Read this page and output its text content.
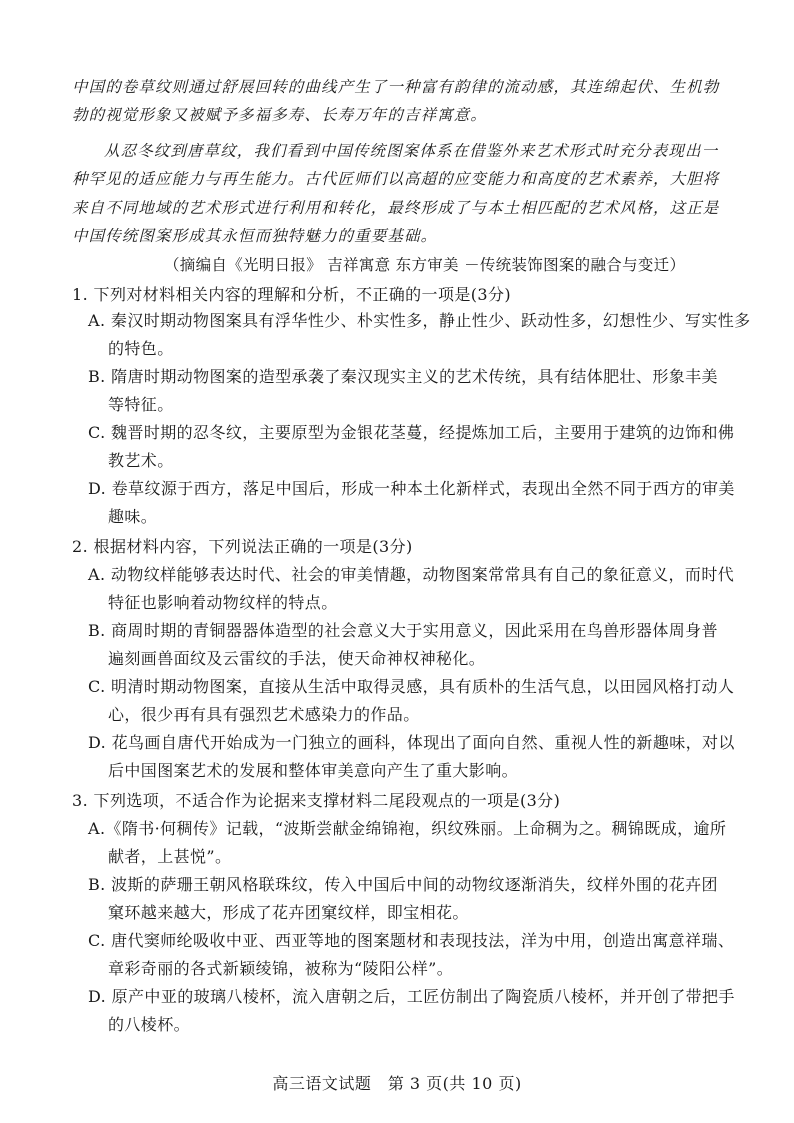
中国的卷草纹则通过舒展回转的曲线产生了一种富有韵律的流动感，其连绵起伏、生机勃
勃的视觉形象又被赋予多福多寿、长寿万年的吉祥寓意。
从忍冬纹到唐草纹，我们看到中国传统图案体系在借鉴外来艺术形式时充分表现出一
种罕见的适应能力与再生能力。古代匠师们以高超的应变能力和高度的艺术素养，大胆将
来自不同地域的艺术形式进行利用和转化，最终形成了与本土相匹配的艺术风格，这正是
中国传统图案形成其永恒而独特魅力的重要基础。
（摘编自《光明日报》 吉祥寓意 东方审美 －传统装饰图案的融合与变迁）
1. 下列对材料相关内容的理解和分析，不正确的一项是(3分)
A. 秦汉时期动物图案具有浮华性少、朴实性多，静止性少、跃动性多，幻想性少、写实性多
的特色。
B. 隋唐时期动物图案的造型承袭了秦汉现实主义的艺术传统，具有结体肥壮、形象丰美
等特征。
C. 魏晋时期的忍冬纹，主要原型为金银花茎蔓，经提炼加工后，主要用于建筑的边饰和佛
教艺术。
D. 卷草纹源于西方，落足中国后，形成一种本土化新样式，表现出全然不同于西方的审美
趣味。
2. 根据材料内容，下列说法正确的一项是(3分)
A. 动物纹样能够表达时代、社会的审美情趣，动物图案常常具有自己的象征意义，而时代
特征也影响着动物纹样的特点。
B. 商周时期的青铜器器体造型的社会意义大于实用意义，因此采用在鸟兽形器体周身普
遍刻画兽面纹及云雷纹的手法，使天命神权神秘化。
C. 明清时期动物图案，直接从生活中取得灵感，具有质朴的生活气息，以田园风格打动人
心，很少再有具有强烈艺术感染力的作品。
D. 花鸟画自唐代开始成为一门独立的画科，体现出了面向自然、重视人性的新趣味，对以
后中国图案艺术的发展和整体审美意向产生了重大影响。
3. 下列选项，不适合作为论据来支撑材料二尾段观点的一项是(3分)
A.《隋书·何稠传》记载，“波斯尝献金绵锦袍，织纹殊丽。上命稠为之。稠锦既成，逾所
献者，上甚悦”。
B. 波斯的萨珊王朝风格联珠纹，传入中国后中间的动物纹逐渐消失，纹样外围的花卉团
窠环越来越大，形成了花卉团窠纹样，即宝相花。
C. 唐代窦师纶吸收中亚、西亚等地的图案题材和表现技法，洋为中用，创造出寓意祥瑞、
章彩奇丽的各式新颖绫锦，被称为“陵阳公样”。
D. 原产中亚的玻璃八棱杯，流入唐朝之后，工匠仿制出了陶瓷质八棱杯，并开创了带把手
的八棱杯。
高三语文试题　第 3 页(共 10 页)
